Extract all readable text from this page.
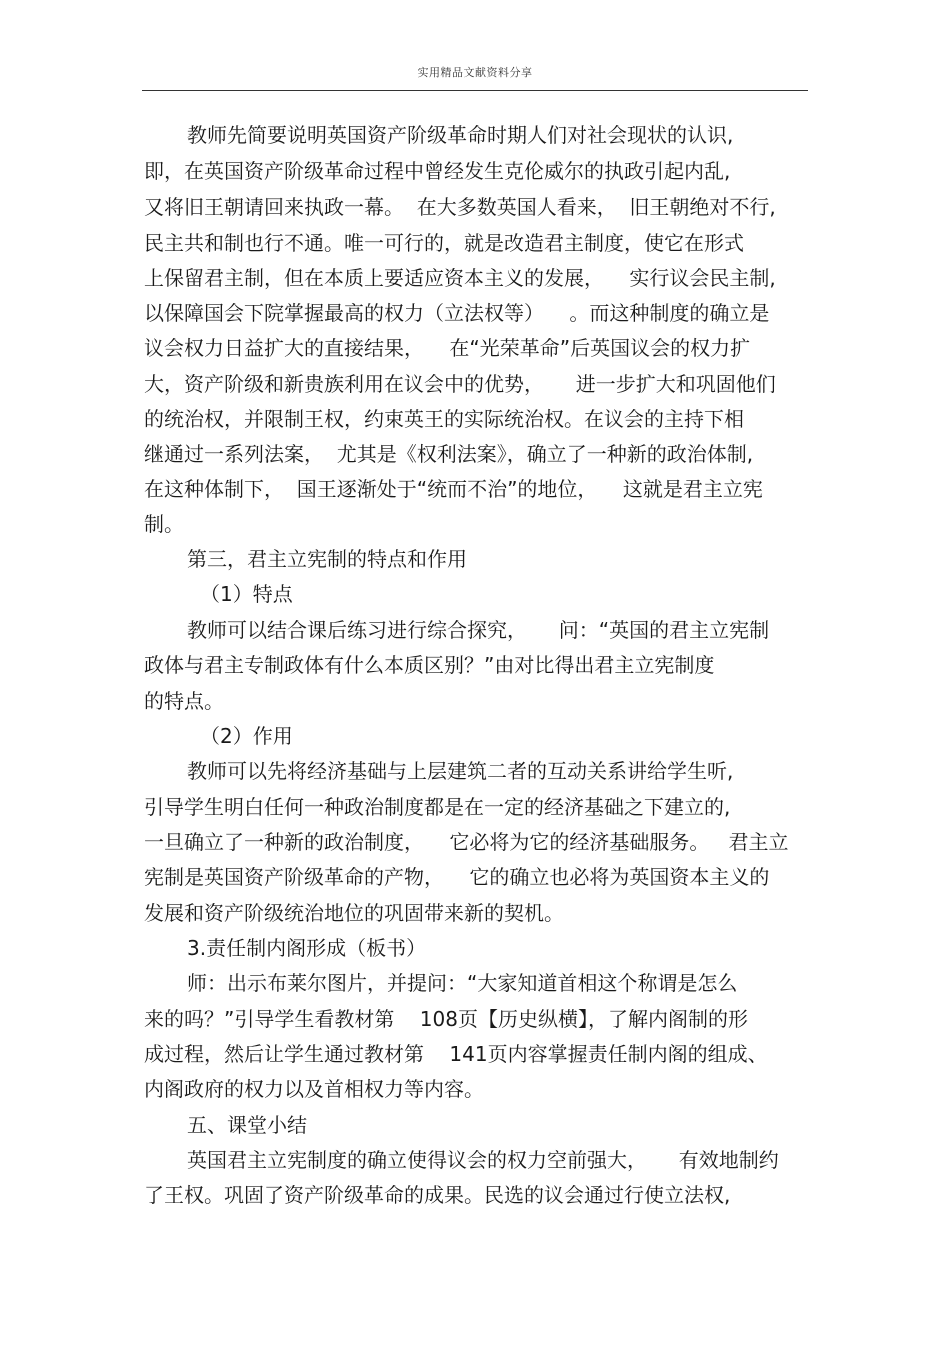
实用精品文献资料分享
教师先简要说明英国资产阶级革命时期人们对社会现状的认识,
即，在英国资产阶级革命过程中曾经发生克伦威尔的执政引起内乱,
又将旧王朝请回来执政一幕。  在大多数英国人看来，  旧王朝绝对不行,
民主共和制也行不通。唯一可行的，就是改造君主制度，使它在形式
上保留君主制，但在本质上要适应资本主义的发展，    实行议会民主制,
以保障国会下院掌握最高的权力（立法权等）    。而这种制度的确立是
议会权力日益扩大的直接结果，    在“光荣革命”后英国议会的权力扩
大，资产阶级和新贵族利用在议会中的优势，     进一步扩大和巩固他们
的统治权，并限制王权，约束英王的实际统治权。在议会的主持下相
继通过一系列法案，  尤其是《权利法案》，确立了一种新的政治体制,
在这种体制下，  国王逐渐处于“统而不治”的地位，    这就是君主立宪
制。
第三，君主立宪制的特点和作用
（1）特点
教师可以结合课后练习进行综合探究，     问：“英国的君主立宪制
政体与君主专制政体有什么本质区别？”由对比得出君主立宪制度
的特点。
（2）作用
教师可以先将经济基础与上层建筑二者的互动关系讲给学生听,
引导学生明白任何一种政治制度都是在一定的经济基础之下建立的,
一旦确立了一种新的政治制度，    它必将为它的经济基础服务。   君主立
宪制是英国资产阶级革命的产物，    它的确立也必将为英国资本主义的
发展和资产阶级统治地位的巩固带来新的契机。
3.责任制内阁形成（板书）
师：出示布莱尔图片，并提问：“大家知道首相这个称谓是怎么
来的吗？”引导学生看教材第    108页【历史纵横】，了解内阁制的形
成过程，然后让学生通过教材第    141页内容掌握责任制内阁的组成、
内阁政府的权力以及首相权力等内容。
五、课堂小结
英国君主立宪制度的确立使得议会的权力空前强大，     有效地制约
了王权。巩固了资产阶级革命的成果。民选的议会通过行使立法权,
